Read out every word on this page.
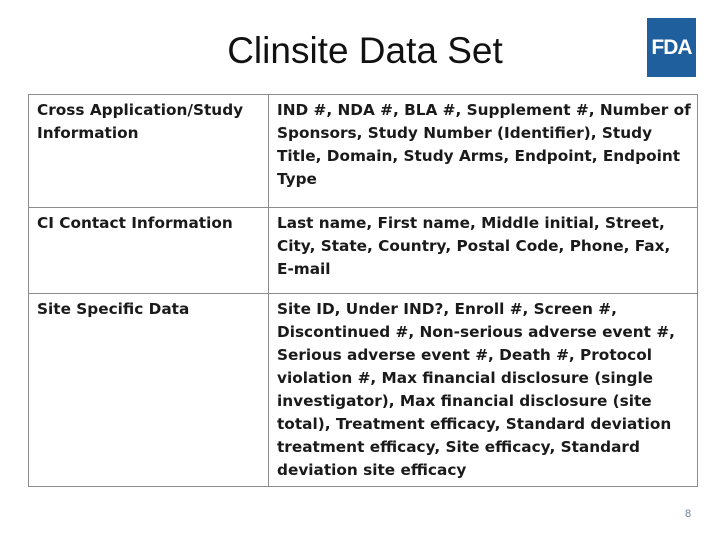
Clinsite Data Set	FDA
Cross Application/Study Information	IND #, NDA #, BLA #, Supplement #, Number of Sponsors, Study Number (Identifier), Study Title, Domain, Study Arms, Endpoint, Endpoint Type
CI Contact Information	Last name, First name, Middle initial, Street, City, State, Country, Postal Code, Phone, Fax, E-mail
Site Specific Data	Site ID, Under IND?, Enroll #, Screen #, Discontinued #, Non-serious adverse event #, Serious adverse event #, Death #, Protocol violation #, Max financial disclosure (single investigator), Max financial disclosure (site total), Treatment efficacy, Standard deviation treatment efficacy, Site efficacy, Standard deviation site efficacy
8
